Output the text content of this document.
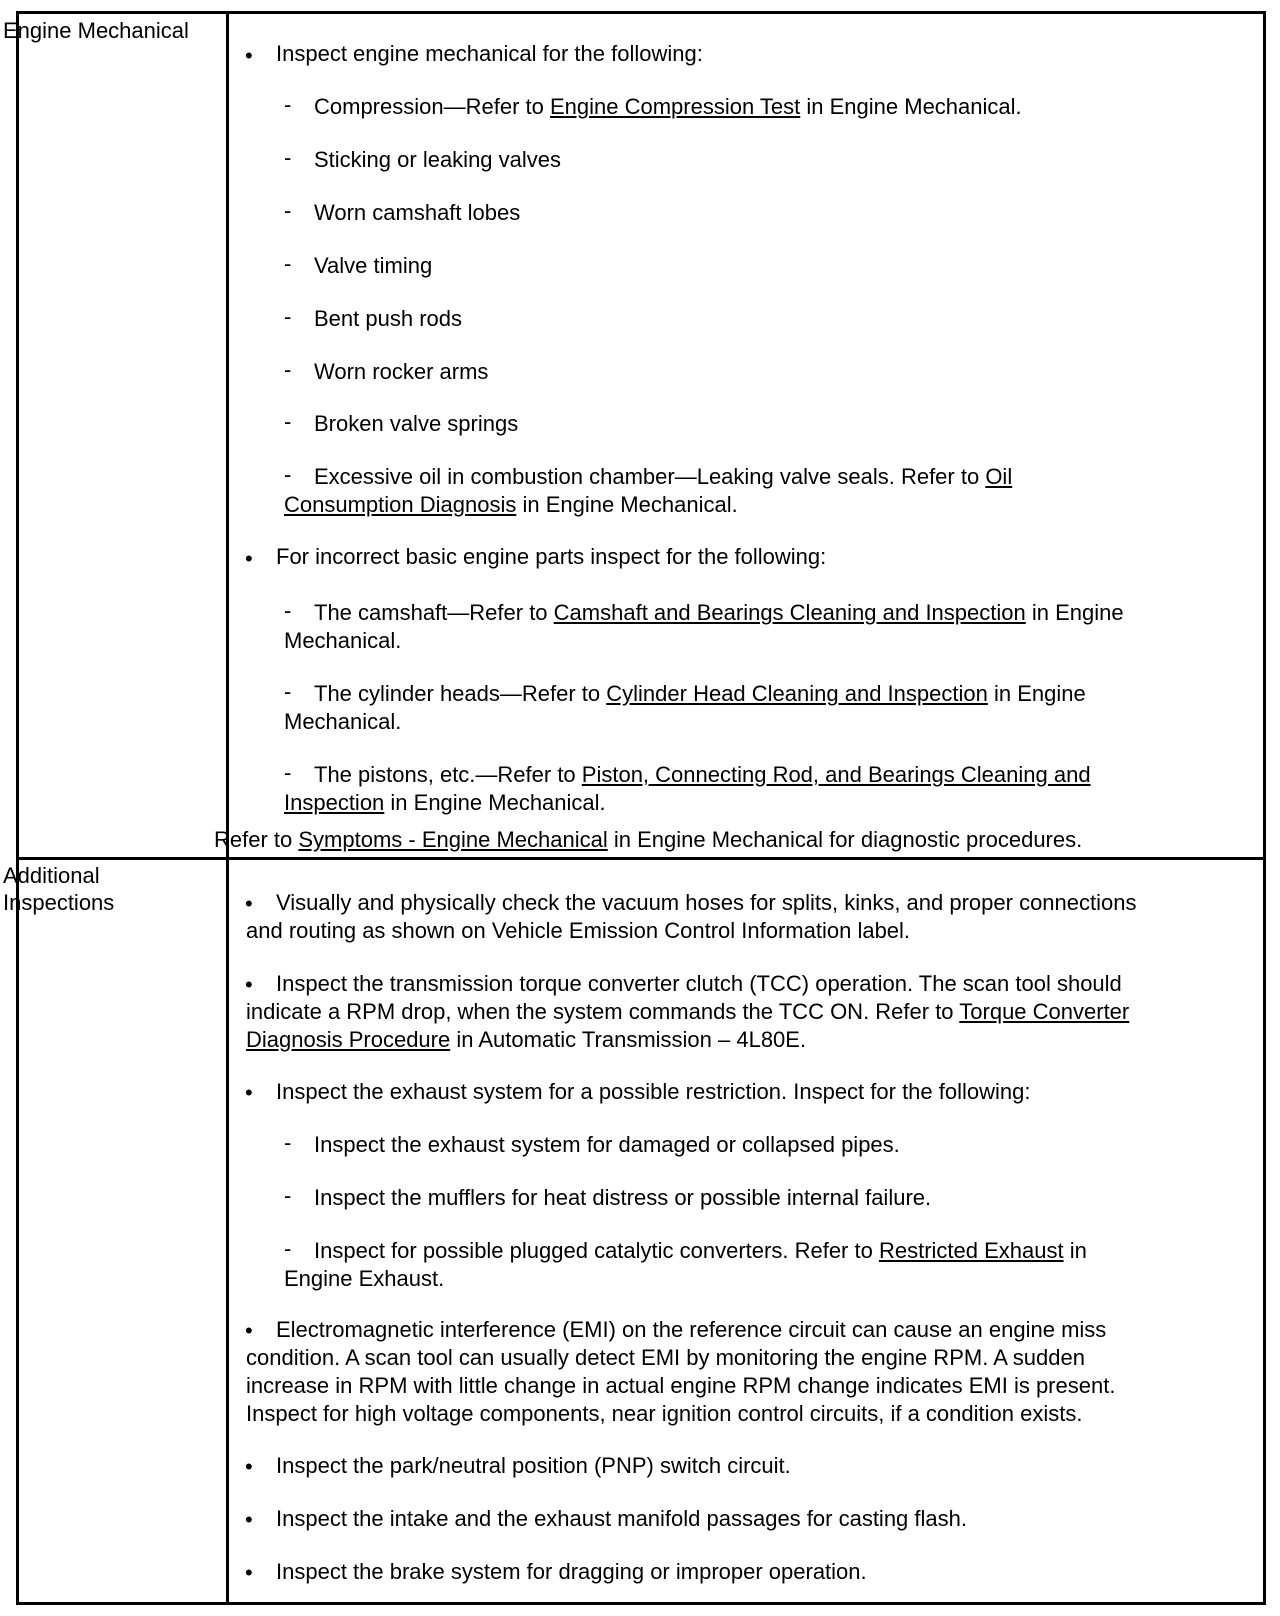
Engine Mechanical
• Inspect engine mechanical for the following:
- Compression—Refer to Engine Compression Test in Engine Mechanical.
- Sticking or leaking valves
- Worn camshaft lobes
- Valve timing
- Bent push rods
- Worn rocker arms
- Broken valve springs
- Excessive oil in combustion chamber—Leaking valve seals. Refer to Oil
Consumption Diagnosis in Engine Mechanical.
• For incorrect basic engine parts inspect for the following:
- The camshaft—Refer to Camshaft and Bearings Cleaning and Inspection in Engine
Mechanical.
- The cylinder heads—Refer to Cylinder Head Cleaning and Inspection in Engine
Mechanical.
- The pistons, etc.—Refer to Piston, Connecting Rod, and Bearings Cleaning and
Inspection in Engine Mechanical.
Refer to Symptoms - Engine Mechanical in Engine Mechanical for diagnostic procedures.
Additional Inspections	• Visually and physically check the vacuum hoses for splits, kinks, and proper connections
and routing as shown on Vehicle Emission Control Information label.
• Inspect the transmission torque converter clutch (TCC) operation. The scan tool should
indicate a RPM drop, when the system commands the TCC ON. Refer to Torque Converter
Diagnosis Procedure in Automatic Transmission – 4L80E.
• Inspect the exhaust system for a possible restriction. Inspect for the following:
- Inspect the exhaust system for damaged or collapsed pipes.
- Inspect the mufflers for heat distress or possible internal failure.
- Inspect for possible plugged catalytic converters. Refer to Restricted Exhaust in
Engine Exhaust.
• Electromagnetic interference (EMI) on the reference circuit can cause an engine miss
condition. A scan tool can usually detect EMI by monitoring the engine RPM. A sudden
increase in RPM with little change in actual engine RPM change indicates EMI is present.
Inspect for high voltage components, near ignition control circuits, if a condition exists.
• Inspect the park/neutral position (PNP) switch circuit.
• Inspect the intake and the exhaust manifold passages for casting flash.
• Inspect the brake system for dragging or improper operation.
